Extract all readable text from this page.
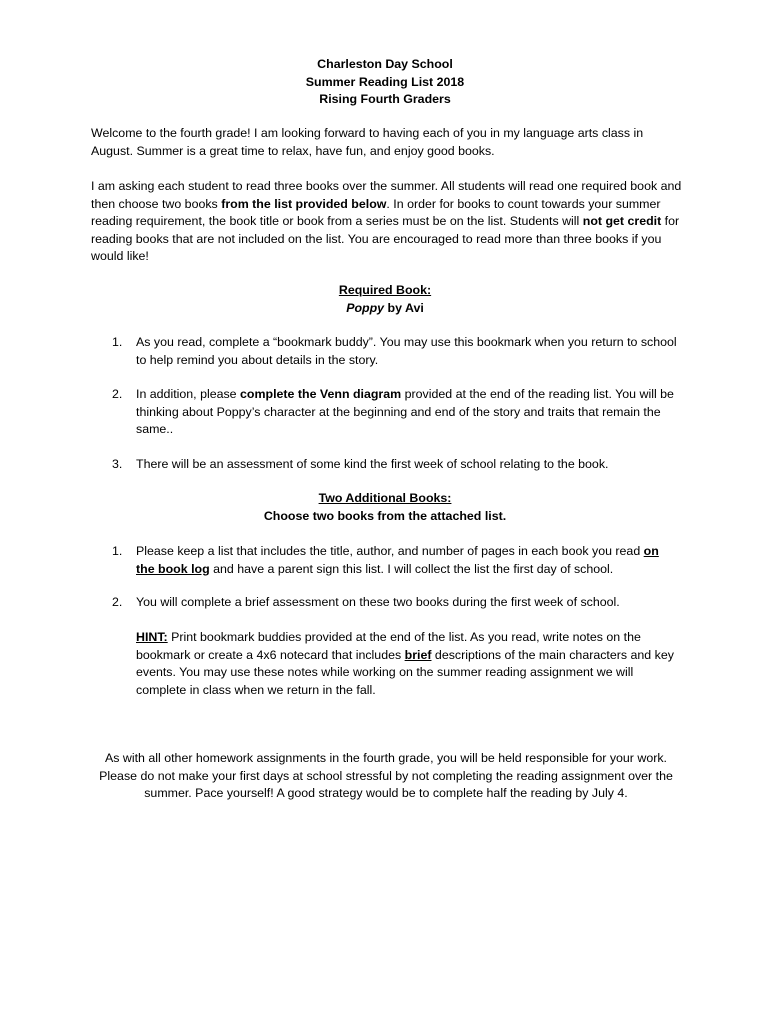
Charleston Day School
Summer Reading List 2018
Rising Fourth Graders
Welcome to the fourth grade! I am looking forward to having each of you in my language arts class in August. Summer is a great time to relax, have fun, and enjoy good books.
I am asking each student to read three books over the summer. All students will read one required book and then choose two books from the list provided below. In order for books to count towards your summer reading requirement, the book title or book from a series must be on the list. Students will not get credit for reading books that are not included on the list. You are encouraged to read more than three books if you would like!
Required Book:
Poppy by Avi
1.	As you read, complete a “bookmark buddy”. You may use this bookmark when you return to school to help remind you about details in the story.
2.	In addition, please complete the Venn diagram provided at the end of the reading list. You will be thinking about Poppy’s character at the beginning and end of the story and traits that remain the same..
3.	There will be an assessment of some kind the first week of school relating to the book.
Two Additional Books:
Choose two books from the attached list.
1.	Please keep a list that includes the title, author, and number of pages in each book you read on the book log and have a parent sign this list. I will collect the list the first day of school.
2.	You will complete a brief assessment on these two books during the first week of school.
HINT: Print bookmark buddies provided at the end of the list. As you read, write notes on the bookmark or create a 4x6 notecard that includes brief descriptions of the main characters and key events. You may use these notes while working on the summer reading assignment we will complete in class when we return in the fall.
As with all other homework assignments in the fourth grade, you will be held responsible for your work. Please do not make your first days at school stressful by not completing the reading assignment over the summer. Pace yourself! A good strategy would be to complete half the reading by July 4.
